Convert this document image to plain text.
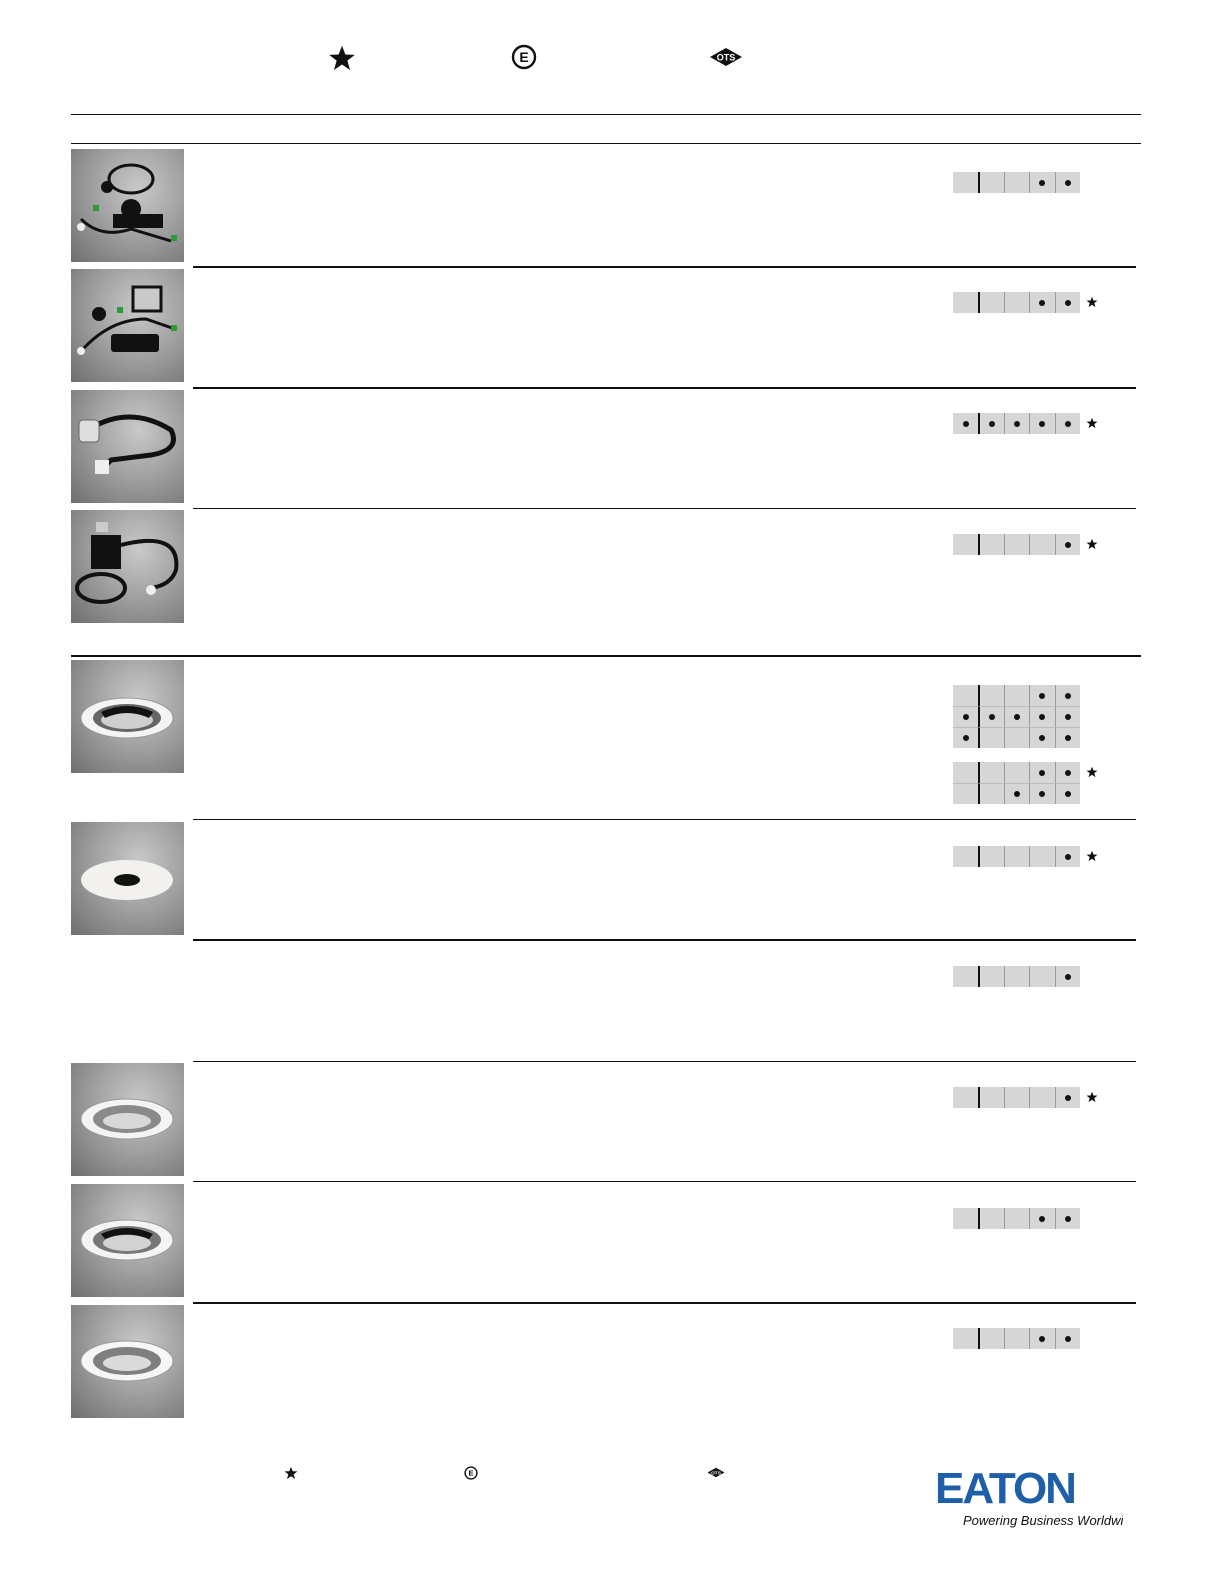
E	OTS
E	OTS	EATON
Powering Business Worldwide
